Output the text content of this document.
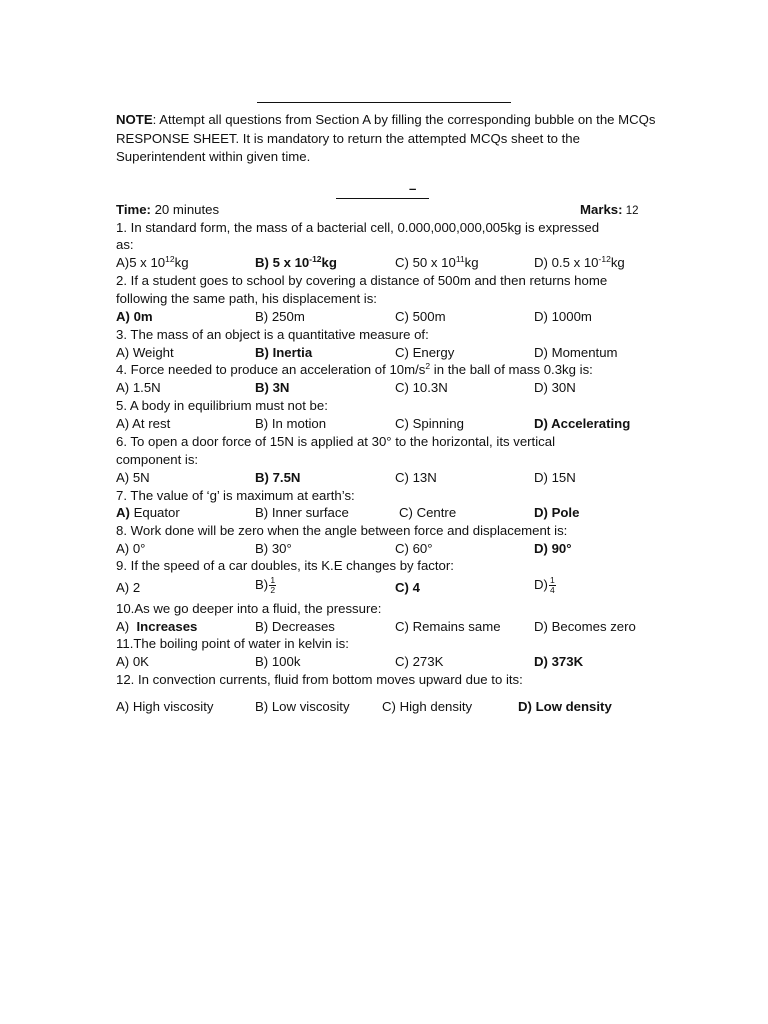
NOTE: Attempt all questions from Section A by filling the corresponding bubble on the MCQs RESPONSE SHEET. It is mandatory to return the attempted MCQs sheet to the Superintendent within given time.
–
Time: 20 minutes	Marks: 12
1. In standard form, the mass of a bacterial cell, 0.000,000,000,005kg is expressed
as:
A)5 x $10^{12}kg$	B) 5 x $10^{-12}kg$	C) 50 x $10^{11}kg$	D) 0.5 x $10^{-12}kg$
2. If a student goes to school by covering a distance of 500m and then returns home
following the same path, his displacement is:
A) 0m	B) 250m	C) 500m	D) 1000m
3. The mass of an object is a quantitative measure of:
A) Weight	B) Inertia	C) Energy	D) Momentum
4. Force needed to produce an acceleration of $10m/s^2$ in the ball of mass 0.3kg is:
A) 1.5N	B) 3N	C) 10.3N	D) 30N
5. A body in equilibrium must not be:
A) At rest	B) In motion	C) Spinning	D) Accelerating
6. To open a door force of 15N is applied at 30° to the horizontal, its vertical
component is:
A) 5N	B) 7.5N	C) 13N	D) 15N
7. The value of ‘g’ is maximum at earth’s:
A) Equator	B) Inner surface	C) Centre	D) Pole
8. Work done will be zero when the angle between force and displacement is:
A) 0°	B) 30°	C) 60°	D) 90°
9. If the speed of a car doubles, its K.E changes by factor:
A) 2	$B) \frac{1}{2}$	C) 4	$D) \frac{1}{4}$
10.As we go deeper into a fluid, the pressure:
A) Increases	B) Decreases	C) Remains same	D) Becomes zero
11.The boiling point of water in kelvin is:
A) 0K	B) 100k	C) 273K	D) 373K
12. In convection currents, fluid from bottom moves upward due to its:
A) High viscosity	B) Low viscosity C) High density	D) Low density
